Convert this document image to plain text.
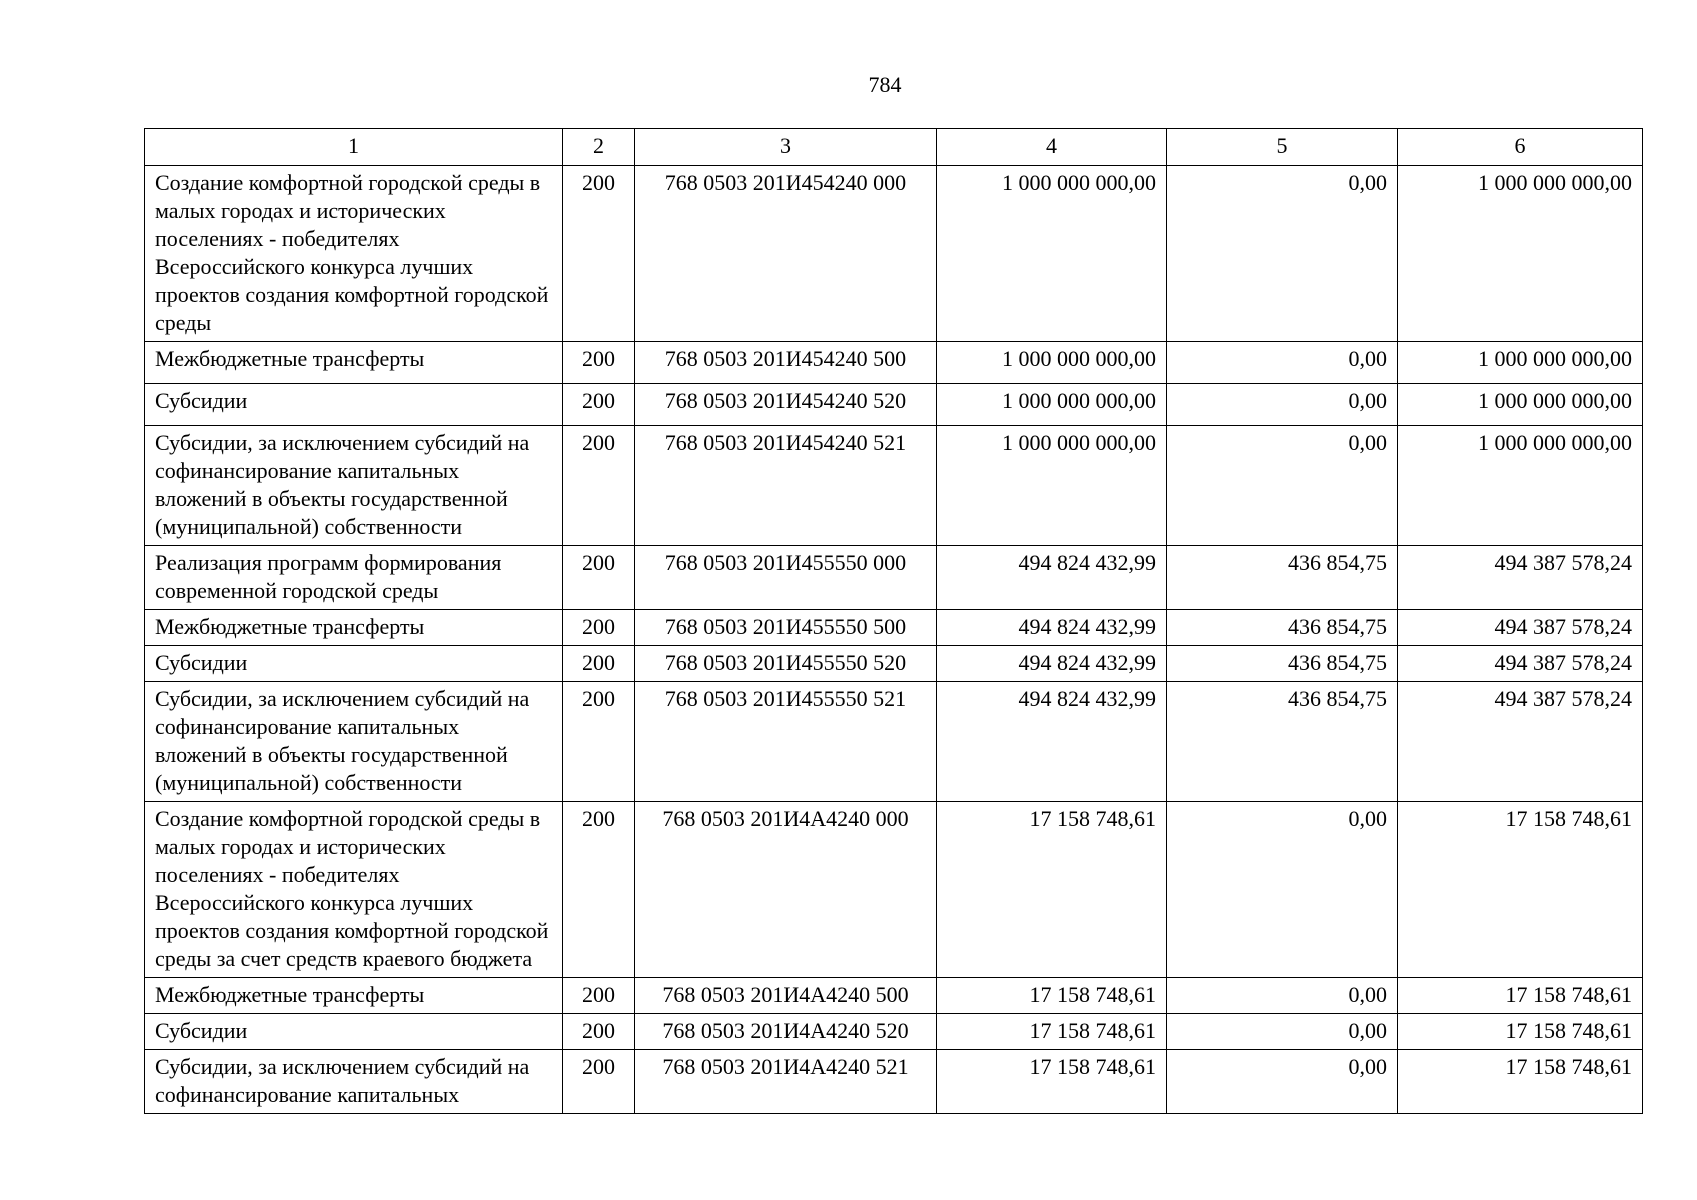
784
1	2	3	4	5	6
Создание комфортной городской среды в малых городах и исторических поселениях - победителях Всероссийского конкурса лучших проектов создания комфортной городской среды	200	768 0503 201И454240 000	1 000 000 000,00	0,00	1 000 000 000,00
Межбюджетные трансферты	200	768 0503 201И454240 500	1 000 000 000,00	0,00	1 000 000 000,00
Субсидии	200	768 0503 201И454240 520	1 000 000 000,00	0,00	1 000 000 000,00
Субсидии, за исключением субсидий на софинансирование капитальных вложений в объекты государственной (муниципальной) собственности	200	768 0503 201И454240 521	1 000 000 000,00	0,00	1 000 000 000,00
Реализация программ формирования современной городской среды	200	768 0503 201И455550 000	494 824 432,99	436 854,75	494 387 578,24
Межбюджетные трансферты	200	768 0503 201И455550 500	494 824 432,99	436 854,75	494 387 578,24
Субсидии	200	768 0503 201И455550 520	494 824 432,99	436 854,75	494 387 578,24
Субсидии, за исключением субсидий на софинансирование капитальных вложений в объекты государственной (муниципальной) собственности	200	768 0503 201И455550 521	494 824 432,99	436 854,75	494 387 578,24
Создание комфортной городской среды в малых городах и исторических поселениях - победителях Всероссийского конкурса лучших проектов создания комфортной городской среды за счет средств краевого бюджета	200	768 0503 201И4А4240 000	17 158 748,61	0,00	17 158 748,61
Межбюджетные трансферты	200	768 0503 201И4А4240 500	17 158 748,61	0,00	17 158 748,61
Субсидии	200	768 0503 201И4А4240 520	17 158 748,61	0,00	17 158 748,61
Субсидии, за исключением субсидий на софинансирование капитальных	200	768 0503 201И4А4240 521	17 158 748,61	0,00	17 158 748,61
